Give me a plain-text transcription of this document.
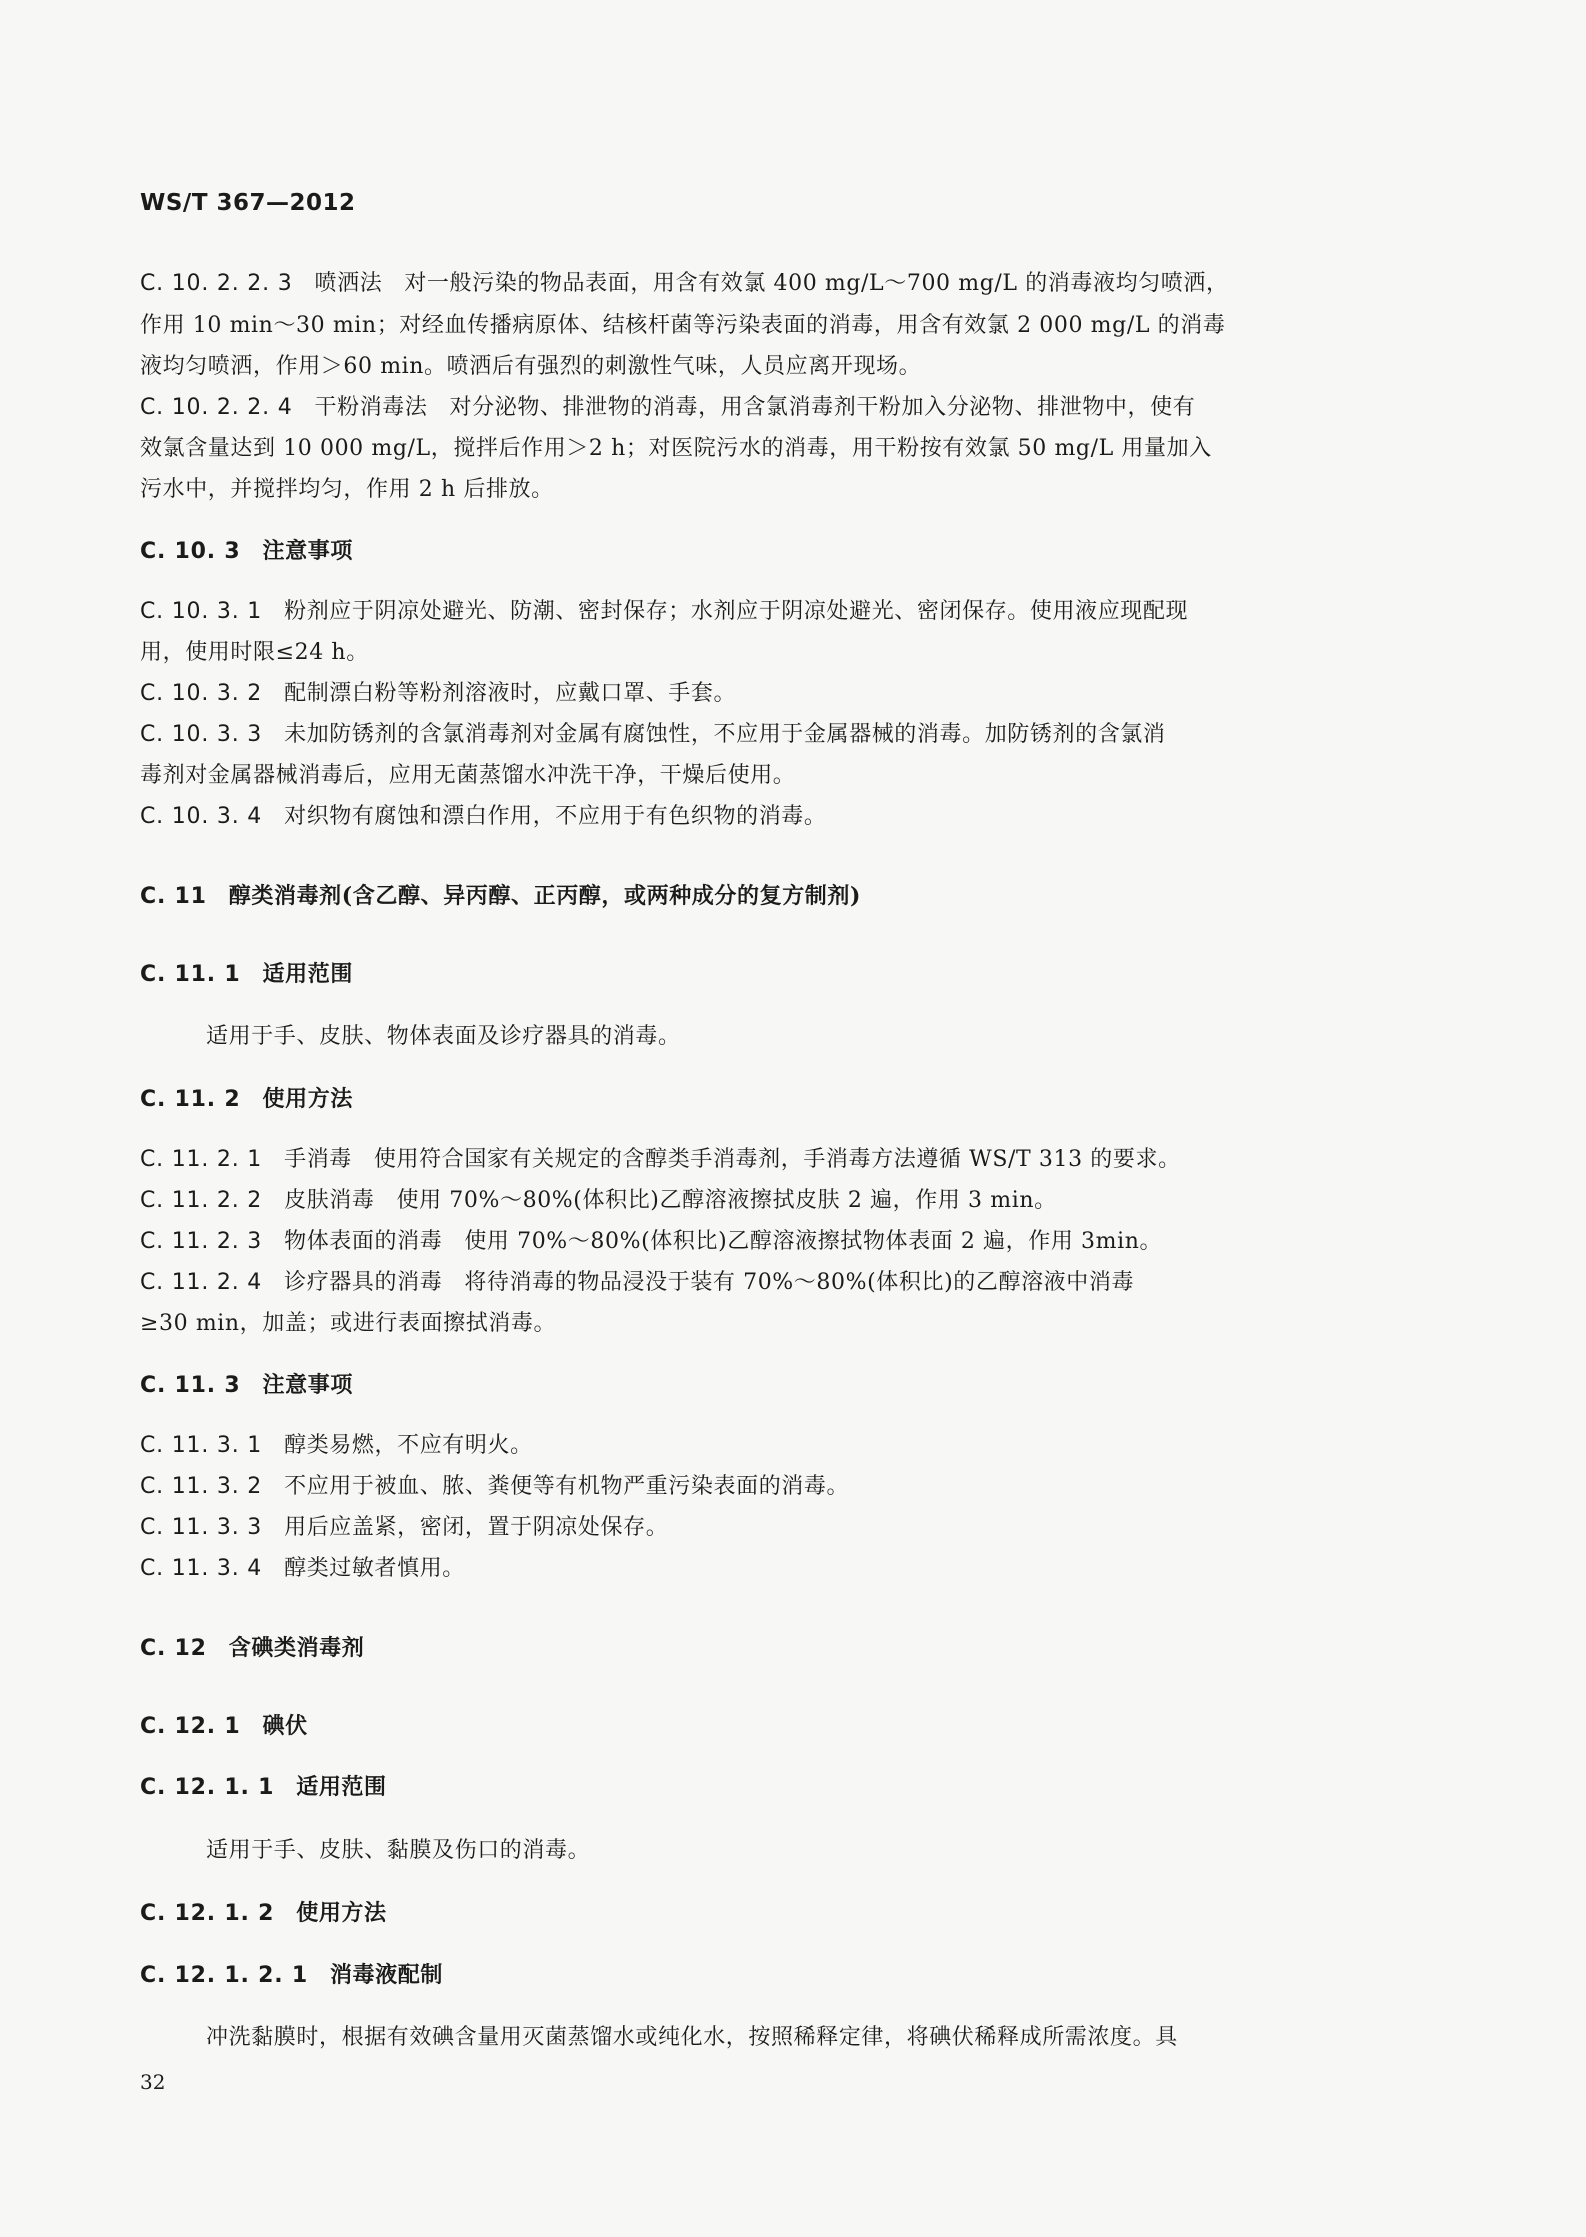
WS/T 367—2012
C. 10. 2. 2. 3 喷洒法 对一般污染的物品表面，用含有效氯 400 mg/L～700 mg/L 的消毒液均匀喷洒，
作用 10 min～30 min；对经血传播病原体、结核杆菌等污染表面的消毒，用含有效氯 2 000 mg/L 的消毒
液均匀喷洒，作用＞60 min。喷洒后有强烈的刺激性气味，人员应离开现场。
C. 10. 2. 2. 4 干粉消毒法 对分泌物、排泄物的消毒，用含氯消毒剂干粉加入分泌物、排泄物中，使有
效氯含量达到 10 000 mg/L，搅拌后作用＞2 h；对医院污水的消毒，用干粉按有效氯 50 mg/L 用量加入
污水中，并搅拌均匀，作用 2 h 后排放。
C. 10. 3 注意事项
C. 10. 3. 1 粉剂应于阴凉处避光、防潮、密封保存；水剂应于阴凉处避光、密闭保存。使用液应现配现
用，使用时限≤24 h。
C. 10. 3. 2 配制漂白粉等粉剂溶液时，应戴口罩、手套。
C. 10. 3. 3 未加防锈剂的含氯消毒剂对金属有腐蚀性，不应用于金属器械的消毒。加防锈剂的含氯消
毒剂对金属器械消毒后，应用无菌蒸馏水冲洗干净，干燥后使用。
C. 10. 3. 4 对织物有腐蚀和漂白作用，不应用于有色织物的消毒。
C. 11 醇类消毒剂(含乙醇、异丙醇、正丙醇，或两种成分的复方制剂)
C. 11. 1 适用范围
适用于手、皮肤、物体表面及诊疗器具的消毒。
C. 11. 2 使用方法
C. 11. 2. 1 手消毒 使用符合国家有关规定的含醇类手消毒剂，手消毒方法遵循 WS/T 313 的要求。
C. 11. 2. 2 皮肤消毒 使用 70%～80%(体积比)乙醇溶液擦拭皮肤 2 遍，作用 3 min。
C. 11. 2. 3 物体表面的消毒 使用 70%～80%(体积比)乙醇溶液擦拭物体表面 2 遍，作用 3min。
C. 11. 2. 4 诊疗器具的消毒 将待消毒的物品浸没于装有 70%～80%(体积比)的乙醇溶液中消毒
≥30 min，加盖；或进行表面擦拭消毒。
C. 11. 3 注意事项
C. 11. 3. 1 醇类易燃，不应有明火。
C. 11. 3. 2 不应用于被血、脓、粪便等有机物严重污染表面的消毒。
C. 11. 3. 3 用后应盖紧，密闭，置于阴凉处保存。
C. 11. 3. 4 醇类过敏者慎用。
C. 12 含碘类消毒剂
C. 12. 1 碘伏
C. 12. 1. 1 适用范围
适用于手、皮肤、黏膜及伤口的消毒。
C. 12. 1. 2 使用方法
C. 12. 1. 2. 1 消毒液配制
冲洗黏膜时，根据有效碘含量用灭菌蒸馏水或纯化水，按照稀释定律，将碘伏稀释成所需浓度。具
32
